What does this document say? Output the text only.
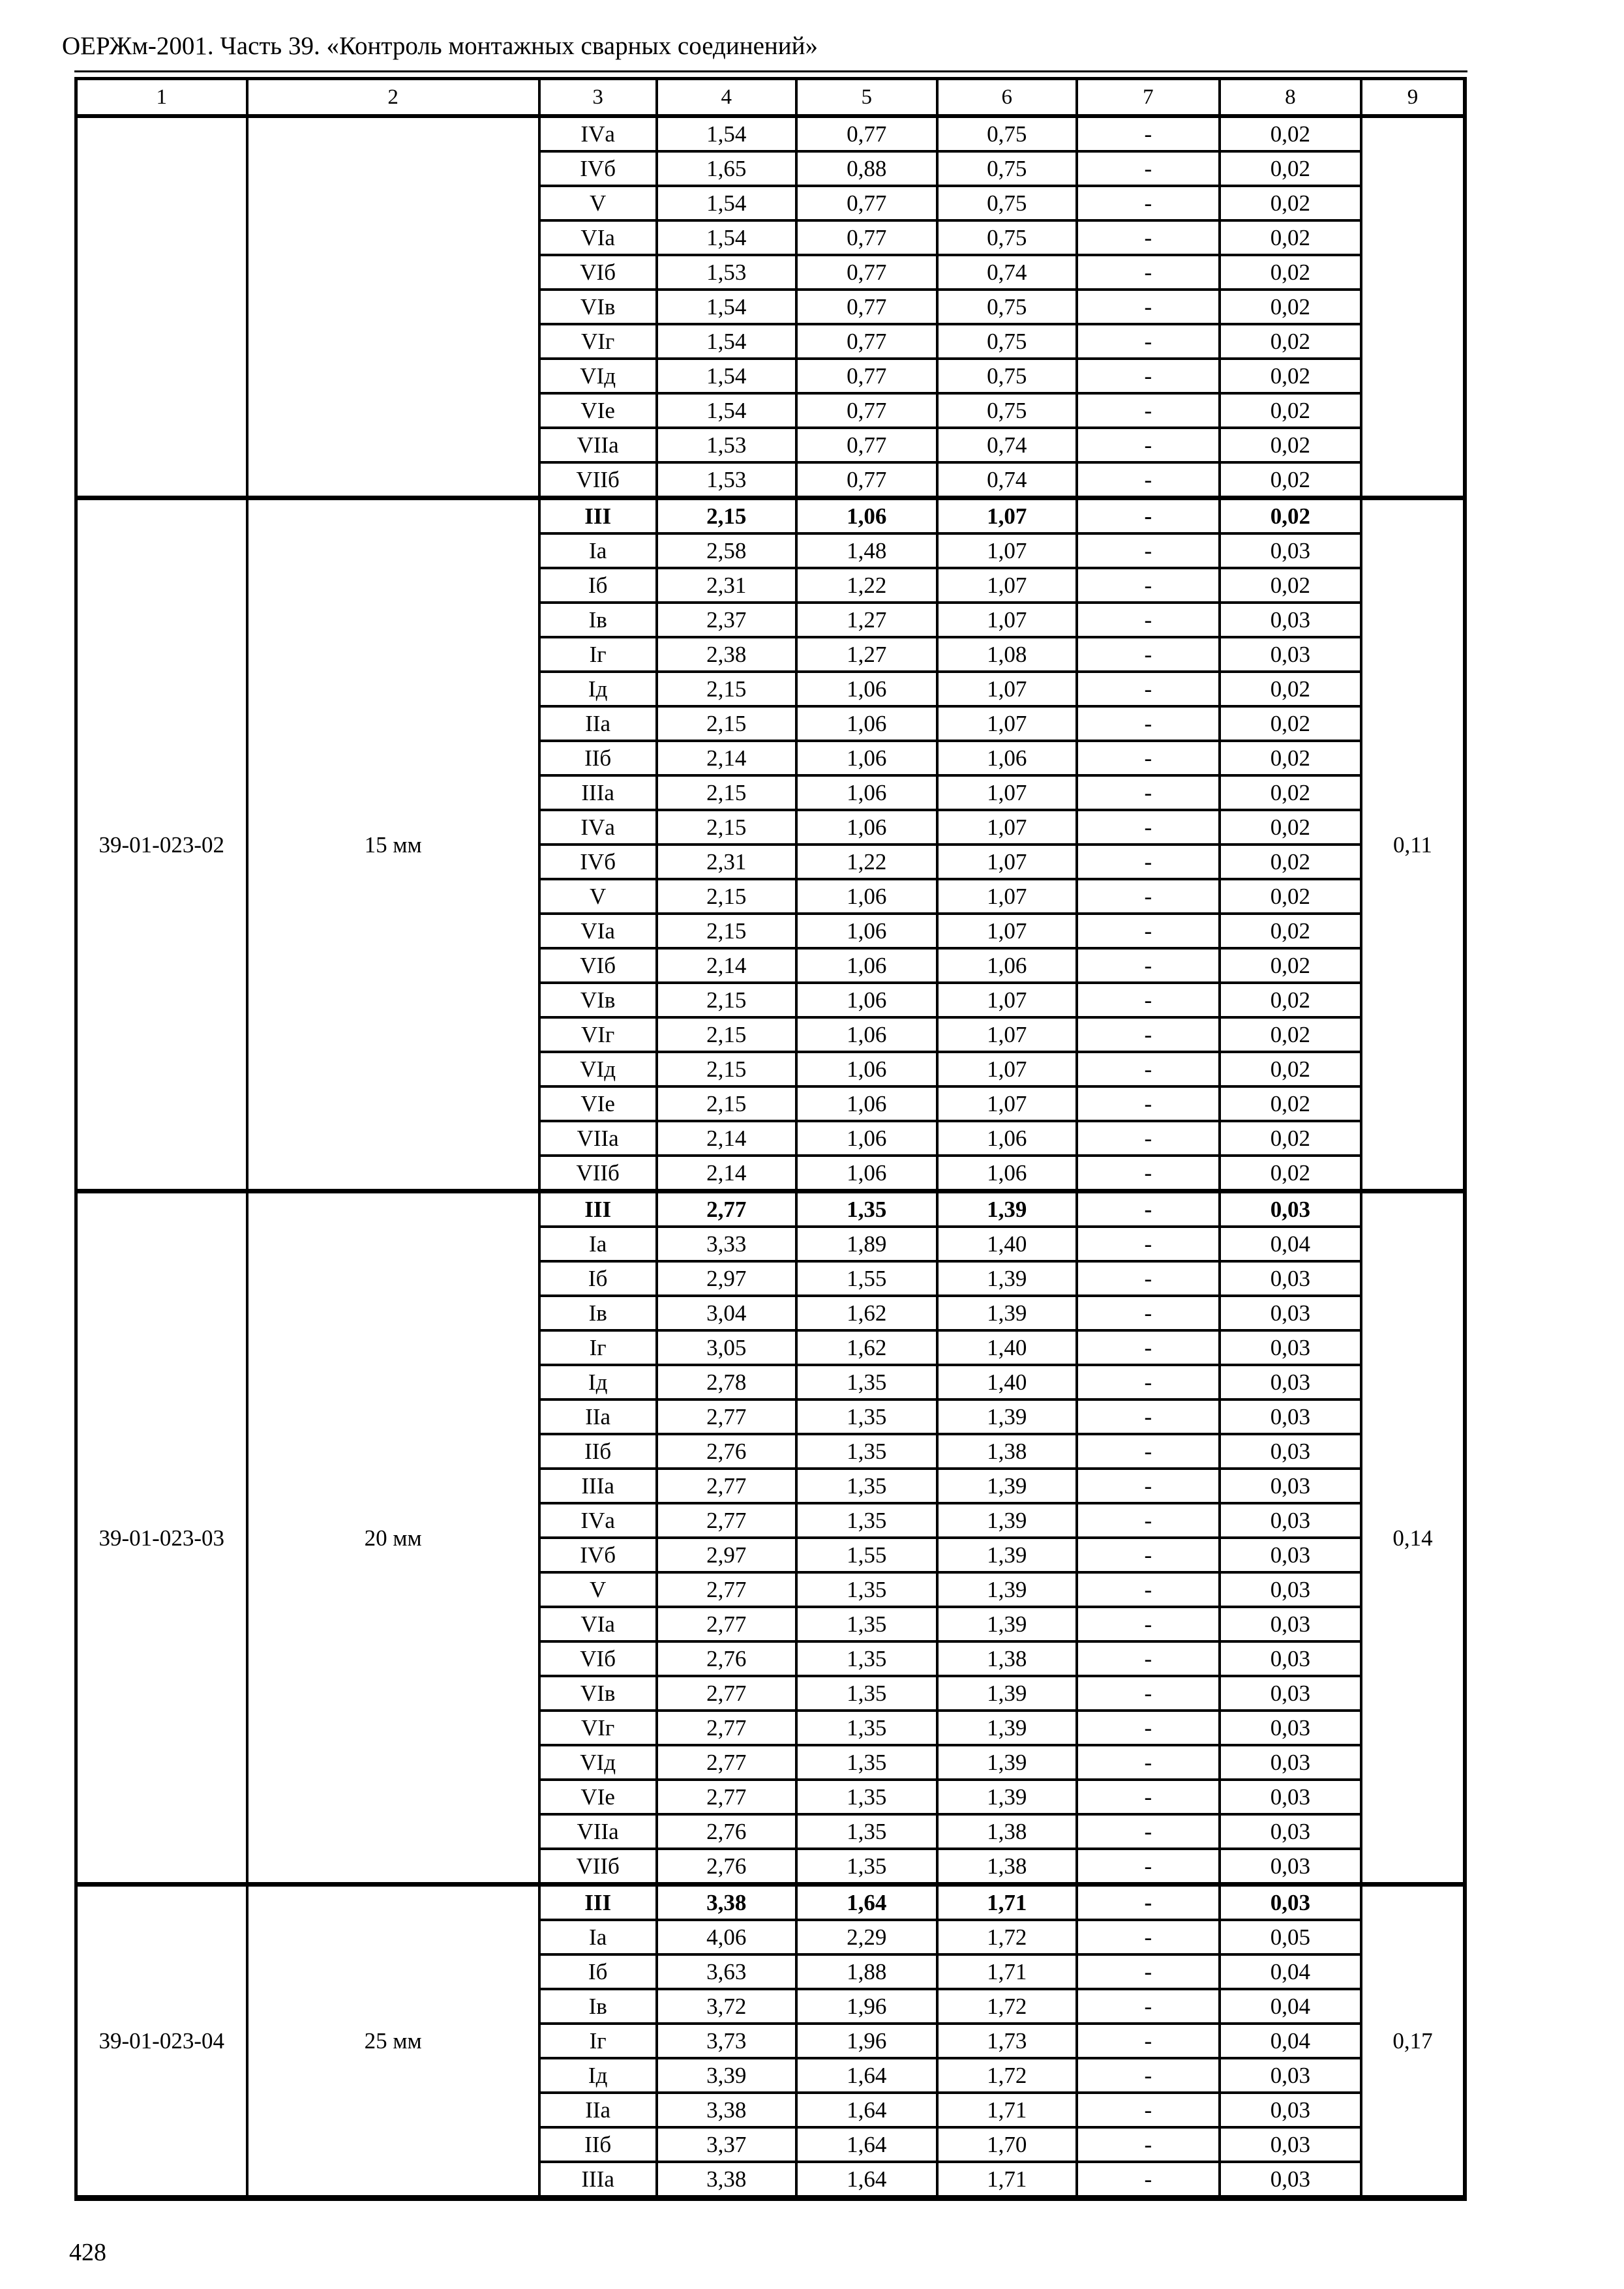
ОЕРЖм-2001. Часть 39. «Контроль монтажных сварных соединений»
1	2	3	4	5	6	7	8	9
		IVа	1,54	0,77	0,75	-	0,02	
		IVб	1,65	0,88	0,75	-	0,02	
		V	1,54	0,77	0,75	-	0,02	
		VIа	1,54	0,77	0,75	-	0,02	
		VIб	1,53	0,77	0,74	-	0,02	
		VIв	1,54	0,77	0,75	-	0,02	
		VIг	1,54	0,77	0,75	-	0,02	
		VIд	1,54	0,77	0,75	-	0,02	
		VIе	1,54	0,77	0,75	-	0,02	
		VIIа	1,53	0,77	0,74	-	0,02	
		VIIб	1,53	0,77	0,74	-	0,02	
39-01-023-02	15 мм	III	2,15	1,06	1,07	-	0,02	0,11
		Iа	2,58	1,48	1,07	-	0,03	
		Iб	2,31	1,22	1,07	-	0,02	
		Iв	2,37	1,27	1,07	-	0,03	
		Iг	2,38	1,27	1,08	-	0,03	
		Iд	2,15	1,06	1,07	-	0,02	
		IIа	2,15	1,06	1,07	-	0,02	
		IIб	2,14	1,06	1,06	-	0,02	
		IIIа	2,15	1,06	1,07	-	0,02	
		IVа	2,15	1,06	1,07	-	0,02	
		IVб	2,31	1,22	1,07	-	0,02	
		V	2,15	1,06	1,07	-	0,02	
		VIа	2,15	1,06	1,07	-	0,02	
		VIб	2,14	1,06	1,06	-	0,02	
		VIв	2,15	1,06	1,07	-	0,02	
		VIг	2,15	1,06	1,07	-	0,02	
		VIд	2,15	1,06	1,07	-	0,02	
		VIе	2,15	1,06	1,07	-	0,02	
		VIIа	2,14	1,06	1,06	-	0,02	
		VIIб	2,14	1,06	1,06	-	0,02	
39-01-023-03	20 мм	III	2,77	1,35	1,39	-	0,03	0,14
		Iа	3,33	1,89	1,40	-	0,04	
		Iб	2,97	1,55	1,39	-	0,03	
		Iв	3,04	1,62	1,39	-	0,03	
		Iг	3,05	1,62	1,40	-	0,03	
		Iд	2,78	1,35	1,40	-	0,03	
		IIа	2,77	1,35	1,39	-	0,03	
		IIб	2,76	1,35	1,38	-	0,03	
		IIIа	2,77	1,35	1,39	-	0,03	
		IVа	2,77	1,35	1,39	-	0,03	
		IVб	2,97	1,55	1,39	-	0,03	
		V	2,77	1,35	1,39	-	0,03	
		VIа	2,77	1,35	1,39	-	0,03	
		VIб	2,76	1,35	1,38	-	0,03	
		VIв	2,77	1,35	1,39	-	0,03	
		VIг	2,77	1,35	1,39	-	0,03	
		VIд	2,77	1,35	1,39	-	0,03	
		VIе	2,77	1,35	1,39	-	0,03	
		VIIа	2,76	1,35	1,38	-	0,03	
		VIIб	2,76	1,35	1,38	-	0,03	
39-01-023-04	25 мм	III	3,38	1,64	1,71	-	0,03	0,17
		Iа	4,06	2,29	1,72	-	0,05	
		Iб	3,63	1,88	1,71	-	0,04	
		Iв	3,72	1,96	1,72	-	0,04	
		Iг	3,73	1,96	1,73	-	0,04	
		Iд	3,39	1,64	1,72	-	0,03	
		IIа	3,38	1,64	1,71	-	0,03	
		IIб	3,37	1,64	1,70	-	0,03	
		IIIа	3,38	1,64	1,71	-	0,03	
428
